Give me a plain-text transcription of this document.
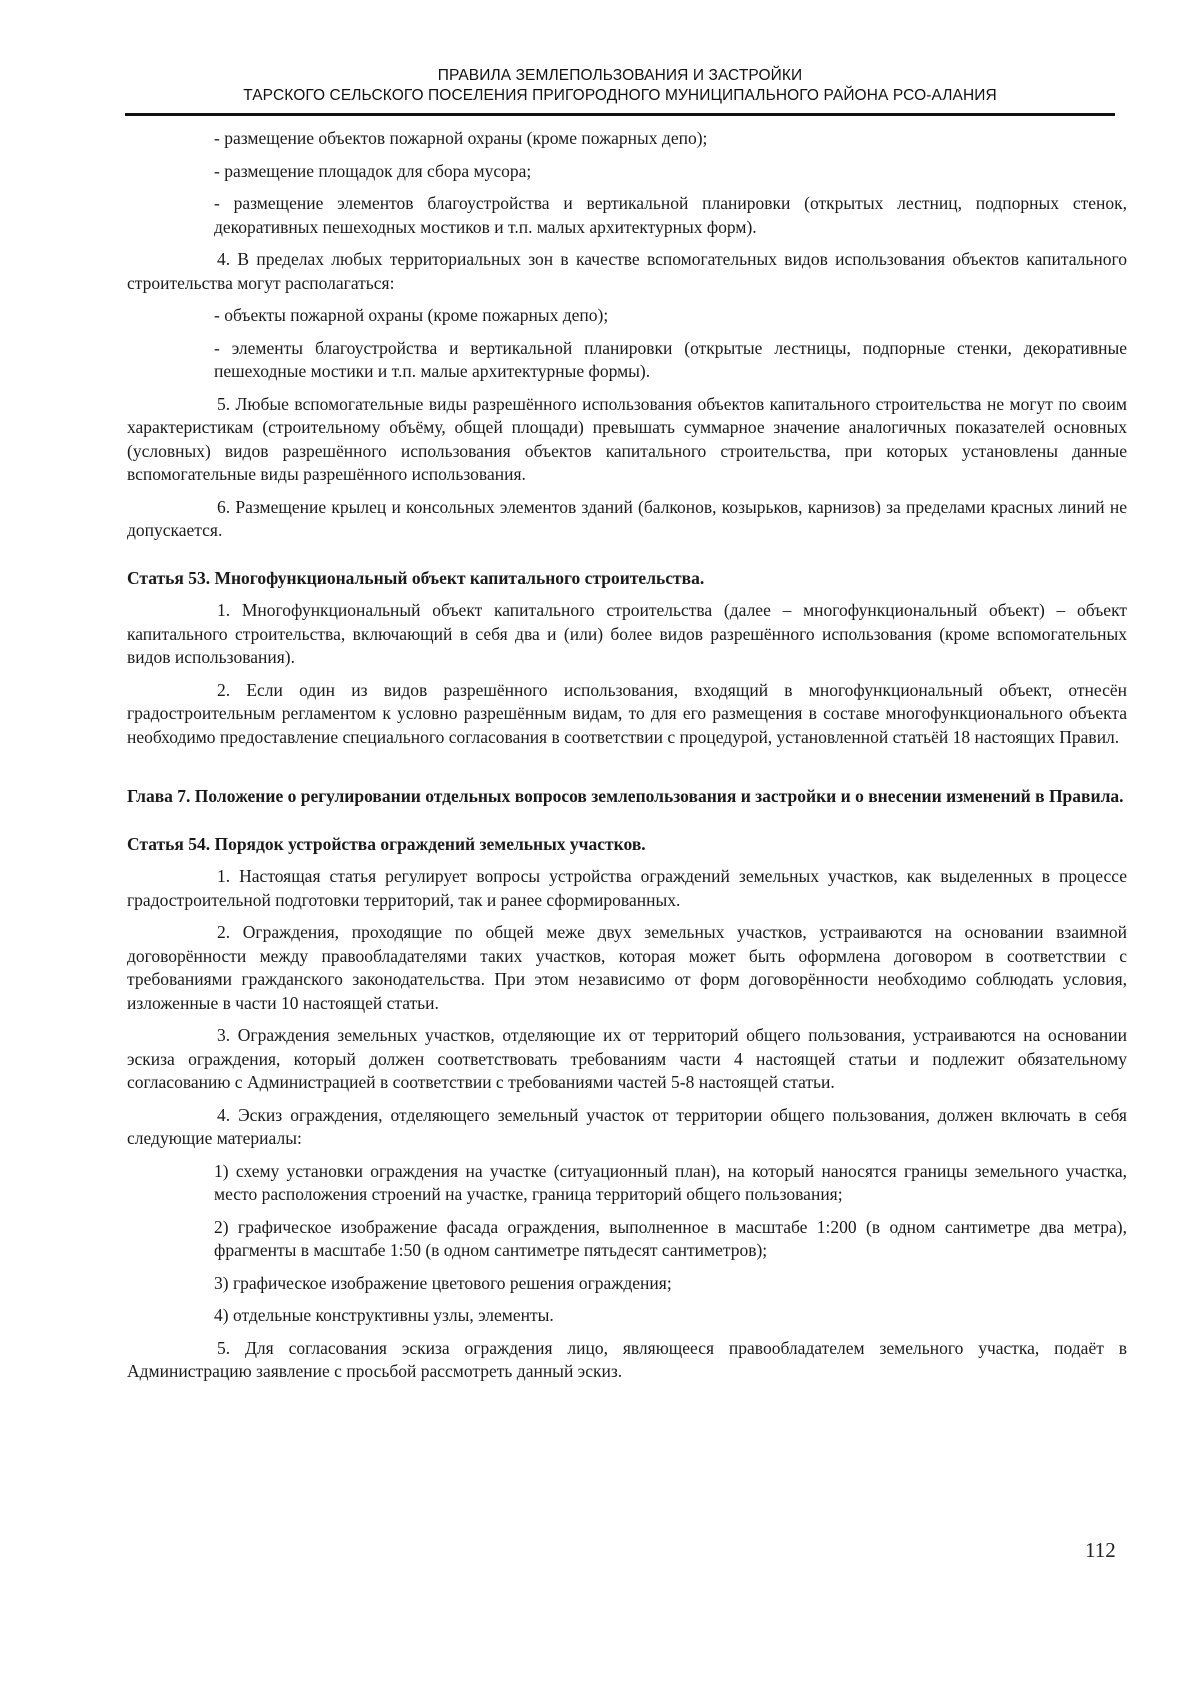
ПРАВИЛА ЗЕМЛЕПОЛЬЗОВАНИЯ И ЗАСТРОЙКИ
ТАРСКОГО СЕЛЬСКОГО ПОСЕЛЕНИЯ ПРИГОРОДНОГО МУНИЦИПАЛЬНОГО РАЙОНА РСО-АЛАНИЯ

- размещение объектов пожарной охраны (кроме пожарных депо);

- размещение площадок для сбора мусора;

- размещение элементов благоустройства и вертикальной планировки (открытых лестниц, подпорных стенок, декоративных пешеходных мостиков и т.п. малых архитектурных форм).

4. В пределах любых территориальных зон в качестве вспомогательных видов использования объектов капитального строительства могут располагаться:

- объекты пожарной охраны (кроме пожарных депо);

- элементы благоустройства и вертикальной планировки (открытые лестницы, подпорные стенки, декоративные пешеходные мостики и т.п. малые архитектурные формы).

5. Любые вспомогательные виды разрешённого использования объектов капитального строительства не могут по своим характеристикам (строительному объёму, общей площади) превышать суммарное значение аналогичных показателей основных (условных) видов разрешённого использования объектов капитального строительства, при которых установлены данные вспомогательные виды разрешённого использования.

6. Размещение крылец и консольных элементов зданий (балконов, козырьков, карнизов) за пределами красных линий не допускается.

Статья 53. Многофункциональный объект капитального строительства.

1. Многофункциональный объект капитального строительства (далее – многофункциональный объект) – объект капитального строительства, включающий в себя два и (или) более видов разрешённого использования (кроме вспомогательных видов использования).

2. Если один из видов разрешённого использования, входящий в многофункциональный объект, отнесён градостроительным регламентом к условно разрешённым видам, то для его размещения в составе многофункционального объекта необходимо предоставление специального согласования в соответствии с процедурой, установленной статьёй 18 настоящих Правил.

Глава 7. Положение о регулировании отдельных вопросов землепользования и застройки и о внесении изменений в Правила.

Статья 54. Порядок устройства ограждений земельных участков.

1. Настоящая статья регулирует вопросы устройства ограждений земельных участков, как выделенных в процессе градостроительной подготовки территорий, так и ранее сформированных.

2. Ограждения, проходящие по общей меже двух земельных участков, устраиваются на основании взаимной договорённости между правообладателями таких участков, которая может быть оформлена договором в соответствии с требованиями гражданского законодательства. При этом независимо от форм договорённости необходимо соблюдать условия, изложенные в части 10 настоящей статьи.

3. Ограждения земельных участков, отделяющие их от территорий общего пользования, устраиваются на основании эскиза ограждения, который должен соответствовать требованиям части 4 настоящей статьи и подлежит обязательному согласованию с Администрацией в соответствии с требованиями частей 5-8 настоящей статьи.

4. Эскиз ограждения, отделяющего земельный участок от территории общего пользования, должен включать в себя следующие материалы:

1) схему установки ограждения на участке (ситуационный план), на который наносятся границы земельного участка, место расположения строений на участке, граница территорий общего пользования;

2) графическое изображение фасада ограждения, выполненное в масштабе 1:200 (в одном сантиметре два метра), фрагменты в масштабе 1:50 (в одном сантиметре пятьдесят сантиметров);

3) графическое изображение цветового решения ограждения;

4) отдельные конструктивны узлы, элементы.

5. Для согласования эскиза ограждения лицо, являющееся правообладателем земельного участка, подаёт в Администрацию заявление с просьбой рассмотреть данный эскиз.

112
